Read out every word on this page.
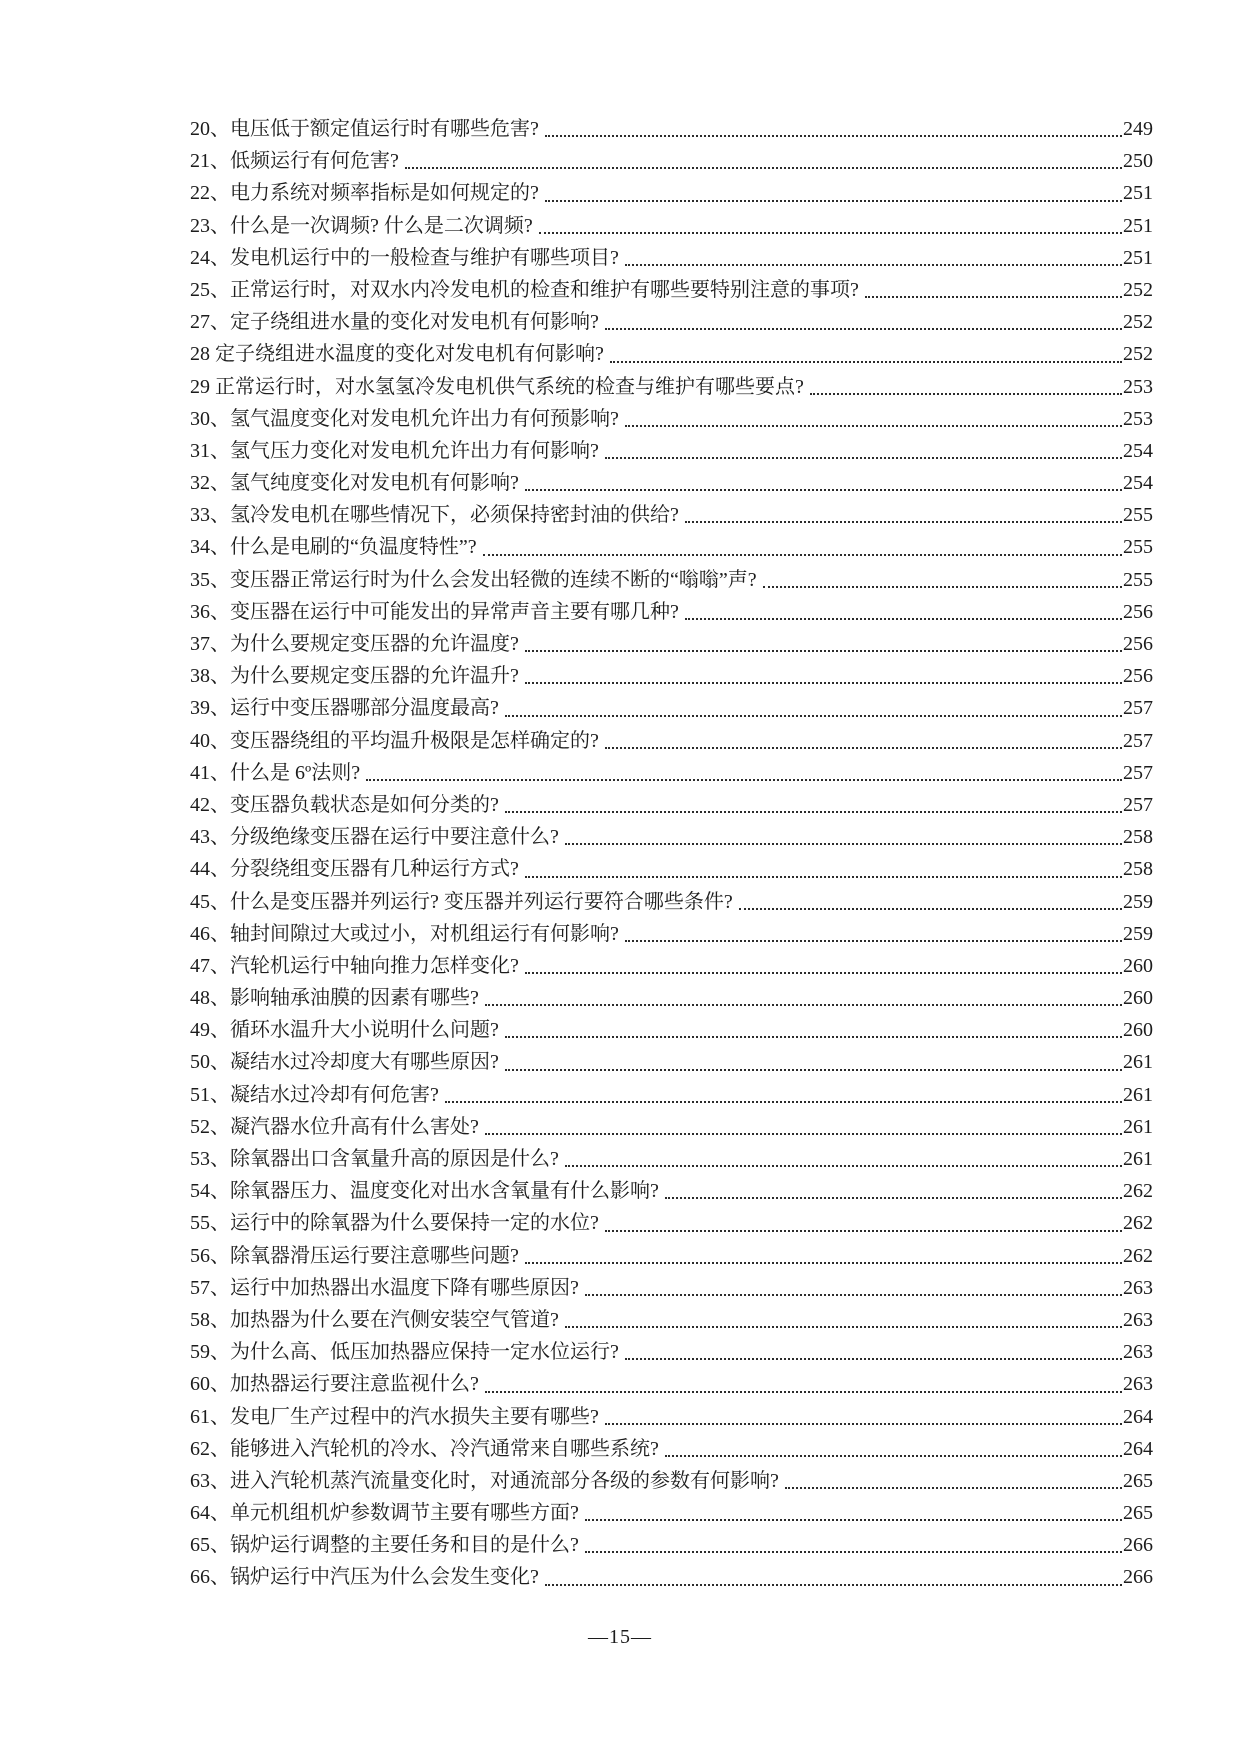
20、 电压低于额定值运行时有哪些危害?	249
21、 低频运行有何危害?	250
22、 电力系统对频率指标是如何规定的?	251
23、 什么是一次调频? 什么是二次调频?	251
24、 发电机运行中的一般检查与维护有哪些项目?	251
25、 正常运行时，对双水内冷发电机的检查和维护有哪些要特别注意的事项?	252
27、 定子绕组进水量的变化对发电机有何影响?	252
28 定子绕组进水温度的变化对发电机有何影响?	252
29 正常运行时，对水氢氢冷发电机供气系统的检查与维护有哪些要点?	253
30、 氢气温度变化对发电机允许出力有何预影响?	253
31、 氢气压力变化对发电机允许出力有何影响?	254
32、 氢气纯度变化对发电机有何影响?	254
33、 氢冷发电机在哪些情况下，必须保持密封油的供给?	255
34、 什么是电刷的“负温度特性”?	255
35、 变压器正常运行时为什么会发出轻微的连续不断的“嗡嗡”声?	255
36、 变压器在运行中可能发出的异常声音主要有哪几种?	256
37、 为什么要规定变压器的允许温度?	256
38、 为什么要规定变压器的允许温升?	256
39、 运行中变压器哪部分温度最高?	257
40、 变压器绕组的平均温升极限是怎样确定的?	257
41、 什么是 6º法则?	257
42、 变压器负载状态是如何分类的?	257
43、 分级绝缘变压器在运行中要注意什么?	258
44、 分裂绕组变压器有几种运行方式?	258
45、 什么是变压器并列运行? 变压器并列运行要符合哪些条件?	259
46、 轴封间隙过大或过小，对机组运行有何影响?	259
47、 汽轮机运行中轴向推力怎样变化?	260
48、 影响轴承油膜的因素有哪些?	260
49、 循环水温升大小说明什么问题?	260
50、 凝结水过冷却度大有哪些原因?	261
51、 凝结水过冷却有何危害?	261
52、 凝汽器水位升高有什么害处?	261
53、 除氧器出口含氧量升高的原因是什么?	261
54、 除氧器压力、温度变化对出水含氧量有什么影响?	262
55、 运行中的除氧器为什么要保持一定的水位?	262
56、 除氧器滑压运行要注意哪些问题?	262
57、 运行中加热器出水温度下降有哪些原因?	263
58、 加热器为什么要在汽侧安装空气管道?	263
59、 为什么高、低压加热器应保持一定水位运行?	263
60、 加热器运行要注意监视什么?	263
61、 发电厂生产过程中的汽水损失主要有哪些?	264
62、 能够进入汽轮机的冷水、冷汽通常来自哪些系统?	264
63、 进入汽轮机蒸汽流量变化时，对通流部分各级的参数有何影响?	265
64、 单元机组机炉参数调节主要有哪些方面?	265
65、 锅炉运行调整的主要任务和目的是什么?	266
66、 锅炉运行中汽压为什么会发生变化?	266
—15—
